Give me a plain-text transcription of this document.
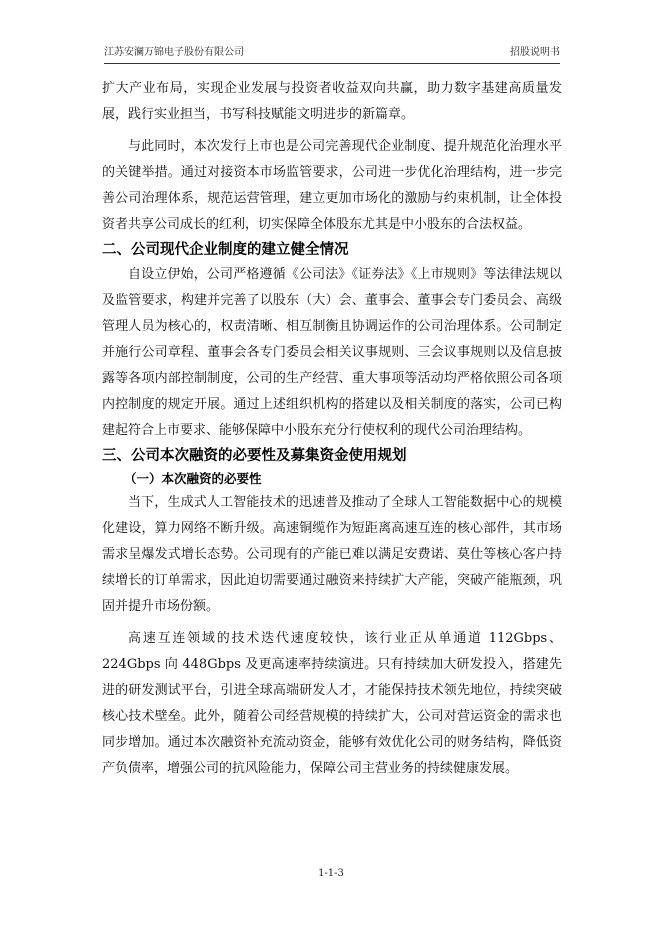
江苏安澜万锦电子股份有限公司	招股说明书

扩大产业布局，实现企业发展与投资者收益双向共赢，助力数字基建高质量发展，践行实业担当，书写科技赋能文明进步的新篇章。

与此同时，本次发行上市也是公司完善现代企业制度、提升规范化治理水平的关键举措。通过对接资本市场监管要求，公司进一步优化治理结构，进一步完善公司治理体系，规范运营管理，建立更加市场化的激励与约束机制，让全体投资者共享公司成长的红利，切实保障全体股东尤其是中小股东的合法权益。

二、公司现代企业制度的建立健全情况

自设立伊始，公司严格遵循《公司法》《证券法》《上市规则》等法律法规以及监管要求，构建并完善了以股东（大）会、董事会、董事会专门委员会、高级管理人员为核心的，权责清晰、相互制衡且协调运作的公司治理体系。公司制定并施行公司章程、董事会各专门委员会相关议事规则、三会议事规则以及信息披露等各项内部控制制度，公司的生产经营、重大事项等活动均严格依照公司各项内控制度的规定开展。通过上述组织机构的搭建以及相关制度的落实，公司已构建起符合上市要求、能够保障中小股东充分行使权利的现代公司治理结构。

三、公司本次融资的必要性及募集资金使用规划
（一）本次融资的必要性

当下，生成式人工智能技术的迅速普及推动了全球人工智能数据中心的规模化建设，算力网络不断升级。高速铜缆作为短距离高速互连的核心部件，其市场需求呈爆发式增长态势。公司现有的产能已难以满足安费诺、莫仕等核心客户持续增长的订单需求，因此迫切需要通过融资来持续扩大产能，突破产能瓶颈，巩固并提升市场份额。

高速互连领域的技术迭代速度较快，该行业正从单通道 112Gbps、224Gbps 向 448Gbps 及更高速率持续演进。只有持续加大研发投入，搭建先进的研发测试平台，引进全球高端研发人才，才能保持技术领先地位，持续突破核心技术壁垒。此外，随着公司经营规模的持续扩大，公司对营运资金的需求也同步增加。通过本次融资补充流动资金，能够有效优化公司的财务结构，降低资产负债率，增强公司的抗风险能力，保障公司主营业务的持续健康发展。

1-1-3
